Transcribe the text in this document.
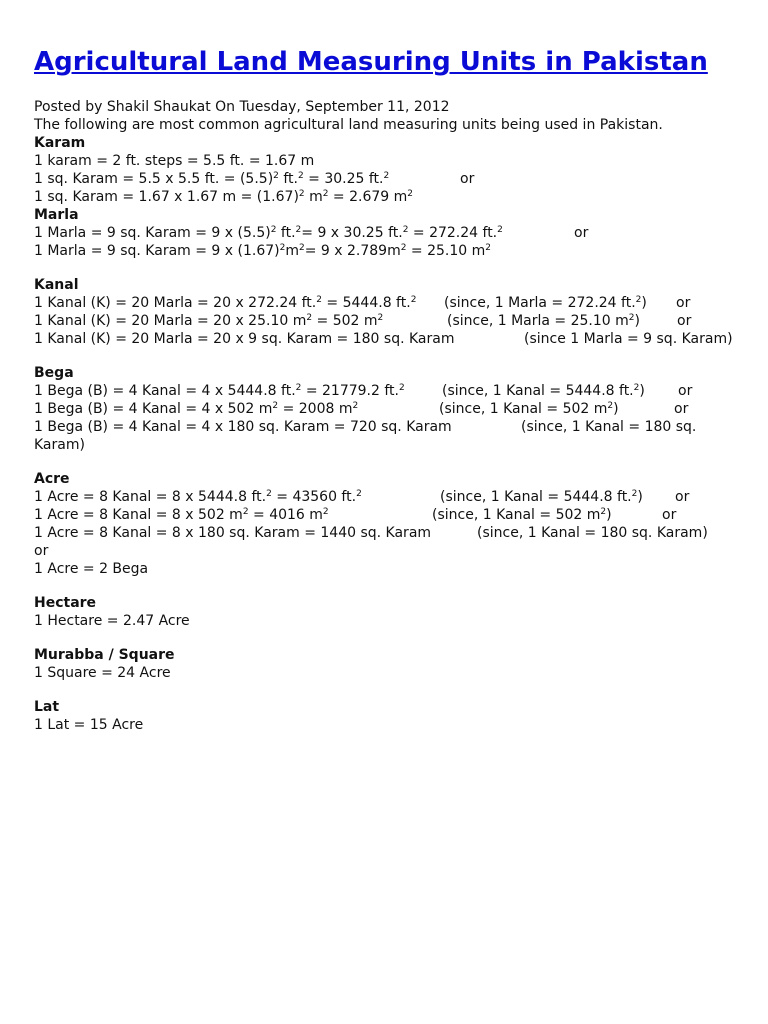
Agricultural Land Measuring Units in Pakistan
Posted by Shakil Shaukat On Tuesday, September 11, 2012
The following are most common agricultural land measuring units being used in Pakistan.
Karam

1 karam = 2 ft. steps = 5.5 ft. = 1.67 m

1 sq. Karam = 5.5 x 5.5 ft. = $(5.5)^2$ ft.$^2$ = 30.25 ft.$^2$

	or

1 sq. Karam = 1.67 x 1.67 $m = (1.67)^2$ $m^2 = 2.679$ $m^2$

Marla

1 Marla = 9 sq. Karam = 9 x $(5.5)^2$ ft.$^2$= 9 x 30.25 ft.$^2$ = 272.24 ft.$^2$

	or

1 Marla = 9 sq. Karam = 9 x $(1.67)^2m^2= 9$ x $2.789m^2 = 25.10$ $m^2$

Kanal

1 Kanal (K) = 20 Marla = 20 x 272.24 ft.$^2$ = 5444.8 ft.$^2$

(since, 1 Marla = 272.24 ft.$^2$)

or

1 Kanal (K) = 20 Marla = 20 x 25.10 $m^2 = 502$ $m^2$

	(since, 1 Marla = 25.10 $m^2$)

	or

1 Kanal (K) = 20 Marla = 20 x 9 sq. Karam = 180 sq. Karam

	(since 1 Marla = 9 sq. Karam)

Bega

1 Bega (B) = 4 Kanal = 4 x 5444.8 ft.$^2$ = 21779.2 ft.$^2$

	(since, 1 Kanal = 5444.8 ft.$^2$)

or

1 Bega (B) = 4 Kanal = 4 x 502 $m^2 = 2008$ $m^2$

	(since, 1 Kanal = 502 $m^2$)

	or

1 Bega (B) = 4 Kanal = 4 x 180 sq. Karam = 720 sq. Karam

	(since, 1 Kanal = 180 sq.

Karam)

Acre

1 Acre = 8 Kanal = 8 x 5444.8 ft.$^2$ = 43560 ft.$^2$

	(since, 1 Kanal = 5444.8 ft.$^2$)

or

1 Acre = 8 Kanal = 8 x 502 $m^2 = 4016$ $m^2$

	(since, 1 Kanal = 502 $m^2$)

	or

1 Acre = 8 Kanal = 8 x 180 sq. Karam = 1440 sq. Karam

	(since, 1 Kanal = 180 sq. Karam)

or

1 Acre = 2 Bega

Hectare

1 Hectare = 2.47 Acre

Murabba / Square

1 Square = 24 Acre

Lat

1 Lat = 15 Acre
